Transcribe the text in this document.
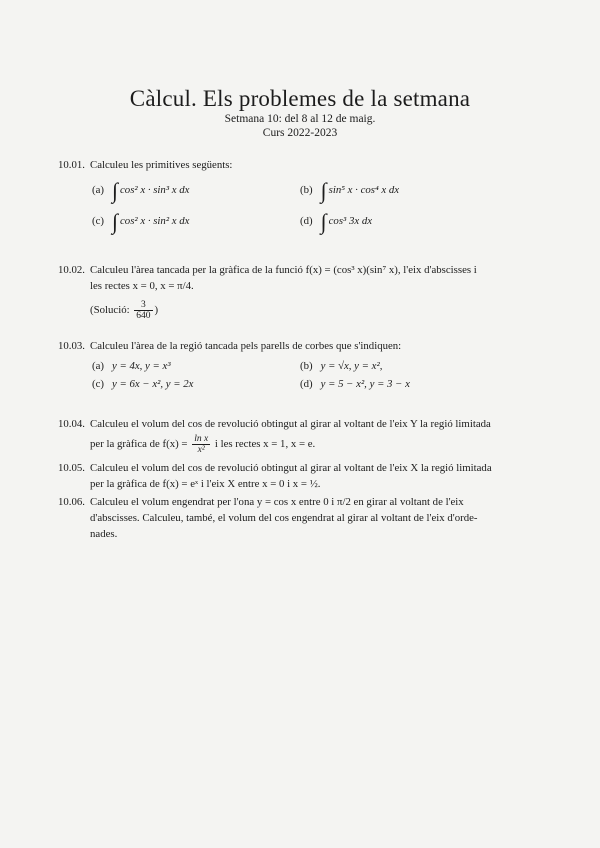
Càlcul. Els problemes de la setmana
Setmana 10: del 8 al 12 de maig.
Curs 2022-2023
10.01. Calculeu les primitives següents:
(a) ∫ cos² x · sin³ x dx	(b) ∫ sin⁵ x · cos⁴ x dx
(c) ∫ cos² x · sin² x dx	(d) ∫ cos³ 3x dx
10.02. Calculeu l'àrea tancada per la gràfica de la funció f(x) = (cos³ x)(sin⁷ x), l'eix d'abscisses i
les rectes x = 0, x = π/4.
(Solució: $\frac{3}{640}$ )
10.03. Calculeu l'àrea de la regió tancada pels parells de corbes que s'indiquen:
(a) y = 4x, y = x³	(b) y = √x, y = x²,
(c) y = 6x − x², y = 2x	(d) y = 5 − x², y = 3 − x
10.04. Calculeu el volum del cos de revolució obtingut al girar al voltant de l'eix Y la regió limitada
per la gràfica de $f(x) = \frac{\text{ln x}}{\text{x²}}$ i les rectes x = 1, x = e.
10.05. Calculeu el volum del cos de revolució obtingut al girar al voltant de l'eix X la regió limitada
per la gràfica de f(x) = eˣ i l'eix X entre x = 0 i x = ½.
10.06. Calculeu el volum engendrat per l'ona y = cos x entre 0 i π/2 en girar al voltant de l'eix
d'abscisses. Calculeu, també, el volum del cos engendrat al girar al voltant de l'eix d'orde-
nades.
